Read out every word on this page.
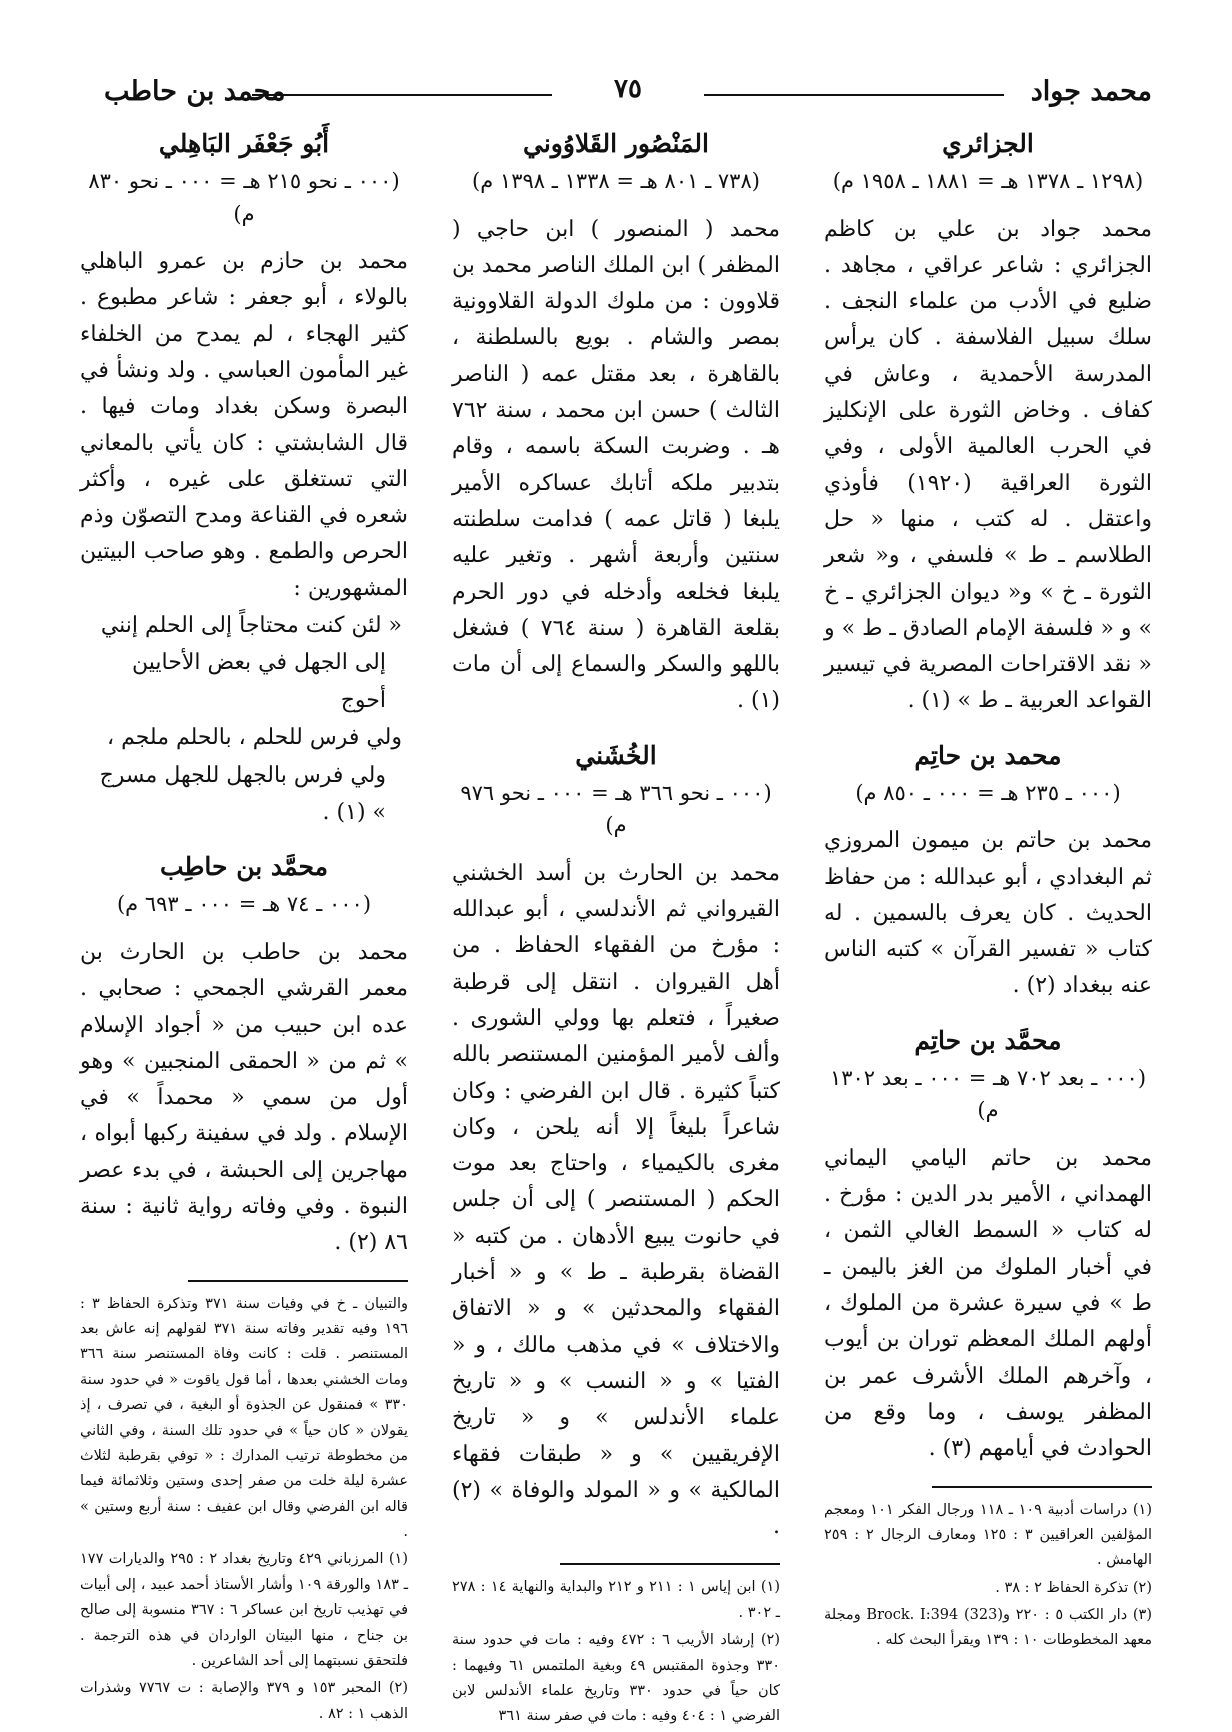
محمد جواد
٧٥
محمد بن حاطب
الجزائري
(١٢٩٨ ـ ١٣٧٨ هـ = ١٨٨١ ـ ١٩٥٨ م)
محمد جواد بن علي بن كاظم الجزائري : شاعر عراقي ، مجاهد . ضليع في الأدب من علماء النجف . سلك سبيل الفلاسفة . كان يرأس المدرسة الأحمدية ، وعاش في كفاف . وخاض الثورة على الإنكليز في الحرب العالمية الأولى ، وفي الثورة العراقية (١٩٢٠) فأوذي واعتقل . له كتب ، منها « حل الطلاسم ـ ط » فلسفي ، و« شعر الثورة ـ خ » و« ديوان الجزائري ـ خ » و « فلسفة الإمام الصادق ـ ط » و « نقد الاقتراحات المصرية في تيسير القواعد العربية ـ ط » (١) .
محمد بن حاتِم
(٠٠٠ ـ ٢٣٥ هـ = ٠٠٠ ـ ٨٥٠ م)
محمد بن حاتم بن ميمون المروزي ثم البغدادي ، أبو عبدالله : من حفاظ الحديث . كان يعرف بالسمين . له كتاب « تفسير القرآن » كتبه الناس عنه ببغداد (٢) .
محمَّد بن حاتِم
(٠٠٠ ـ بعد ٧٠٢ هـ = ٠٠٠ ـ بعد ١٣٠٢ م)
محمد بن حاتم اليامي اليماني الهمداني ، الأمير بدر الدين : مؤرخ . له كتاب « السمط الغالي الثمن ، في أخبار الملوك من الغز باليمن ـ ط » في سيرة عشرة من الملوك ، أولهم الملك المعظم توران بن أيوب ، وآخرهم الملك الأشرف عمر بن المظفر يوسف ، وما وقع من الحوادث في أيامهم (٣) .
(١) دراسات أدبية ١٠٩ ـ ١١٨ ورجال الفكر ١٠١ ومعجم المؤلفين العراقيين ٣ : ١٢٥ ومعارف الرجال ٢ : ٢٥٩ الهامش .
(٢) تذكرة الحفاظ ٢ : ٣٨ .
(٣) دار الكتب ٥ : ٢٢٠ و(323) Brock. I:394 ومجلة معهد المخطوطات ١٠ : ١٣٩ ويقرأ البحث كله .
المَنْصُور القَلاوُوني
(٧٣٨ ـ ٨٠١ هـ = ١٣٣٨ ـ ١٣٩٨ م)
محمد ( المنصور ) ابن حاجي ( المظفر ) ابن الملك الناصر محمد بن قلاوون : من ملوك الدولة القلاوونية بمصر والشام . بويع بالسلطنة ، بالقاهرة ، بعد مقتل عمه ( الناصر الثالث ) حسن ابن محمد ، سنة ٧٦٢ هـ . وضربت السكة باسمه ، وقام بتدبير ملكه أتابك عساكره الأمير يلبغا ( قاتل عمه ) فدامت سلطنته سنتين وأربعة أشهر . وتغير عليه يلبغا فخلعه وأدخله في دور الحرم بقلعة القاهرة ( سنة ٧٦٤ ) فشغل باللهو والسكر والسماع إلى أن مات (١) .
الخُشَني
(٠٠٠ ـ نحو ٣٦٦ هـ = ٠٠٠ ـ نحو ٩٧٦ م)
محمد بن الحارث بن أسد الخشني القيرواني ثم الأندلسي ، أبو عبدالله : مؤرخ من الفقهاء الحفاظ . من أهل القيروان . انتقل إلى قرطبة صغيراً ، فتعلم بها وولي الشورى . وألف لأمير المؤمنين المستنصر بالله كتباً كثيرة . قال ابن الفرضي : وكان شاعراً بليغاً إلا أنه يلحن ، وكان مغرى بالكيمياء ، واحتاج بعد موت الحكم ( المستنصر ) إلى أن جلس في حانوت يبيع الأدهان . من كتبه « القضاة بقرطبة ـ ط » و « أخبار الفقهاء والمحدثين » و « الاتفاق والاختلاف » في مذهب مالك ، و « الفتيا » و « النسب » و « تاريخ علماء الأندلس » و « تاريخ الإفريقيين » و « طبقات فقهاء المالكية » و « المولد والوفاة » (٢) .
(١) ابن إياس ١ : ٢١١ و ٢١٢ والبداية والنهاية ١٤ : ٢٧٨ ـ ٣٠٢ .
(٢) إرشاد الأريب ٦ : ٤٧٢ وفيه : مات في حدود سنة ٣٣٠ وجذوة المقتبس ٤٩ وبغية الملتمس ٦١ وفيهما : كان حياً في حدود ٣٣٠ وتاريخ علماء الأندلس لابن الفرضي ١ : ٤٠٤ وفيه : مات في صفر سنة ٣٦١
أَبُو جَعْفَر البَاهِلي
(٠٠٠ ـ نحو ٢١٥ هـ = ٠٠٠ ـ نحو ٨٣٠ م)
محمد بن حازم بن عمرو الباهلي بالولاء ، أبو جعفر : شاعر مطبوع . كثير الهجاء ، لم يمدح من الخلفاء غير المأمون العباسي . ولد ونشأ في البصرة وسكن بغداد ومات فيها . قال الشابشتي : كان يأتي بالمعاني التي تستغلق على غيره ، وأكثر شعره في القناعة ومدح التصوّن وذم الحرص والطمع . وهو صاحب البيتين المشهورين :
« لئن كنت محتاجاً إلى الحلم إنني
إلى الجهل في بعض الأحايين أحوج
ولي فرس للحلم ، بالحلم ملجم ،
ولي فرس بالجهل للجهل مسرج » (١) .
محمَّد بن حاطِب
(٠٠٠ ـ ٧٤ هـ = ٠٠٠ ـ ٦٩٣ م)
محمد بن حاطب بن الحارث بن معمر القرشي الجمحي : صحابي . عده ابن حبيب من « أجواد الإسلام » ثم من « الحمقى المنجبين » وهو أول من سمي « محمداً » في الإسلام . ولد في سفينة ركبها أبواه ، مهاجرين إلى الحبشة ، في بدء عصر النبوة . وفي وفاته رواية ثانية : سنة ٨٦ (٢) .
والتبيان ـ خ في وفيات سنة ٣٧١ وتذكرة الحفاظ ٣ : ١٩٦ وفيه تقدير وفاته سنة ٣٧١ لقولهم إنه عاش بعد المستنصر . قلت : كانت وفاة المستنصر سنة ٣٦٦ ومات الخشني بعدها ، أما قول ياقوت « في حدود سنة ٣٣٠ » فمنقول عن الجذوة أو البغية ، في تصرف ، إذ يقولان « كان حياً » في حدود تلك السنة ، وفي الثاني من مخطوطة ترتيب المدارك : « توفي بقرطبة لثلاث عشرة ليلة خلت من صفر إحدى وستين وثلاثمائة فيما قاله ابن الفرضي وقال ابن عفيف : سنة أربع وستين » .
(١) المرزباني ٤٢٩ وتاريخ بغداد ٢ : ٢٩٥ والديارات ١٧٧ ـ ١٨٣ والورقة ١٠٩ وأشار الأستاذ أحمد عبيد ، إلى أبيات في تهذيب تاريخ ابن عساكر ٦ : ٣٦٧ منسوبة إلى صالح بن جناح ، منها البيتان الواردان في هذه الترجمة . فلتحقق نسبتهما إلى أحد الشاعرين .
(٢) المحبر ١٥٣ و ٣٧٩ والإصابة : ت ٧٧٦٧ وشذرات الذهب ١ : ٨٢ .
